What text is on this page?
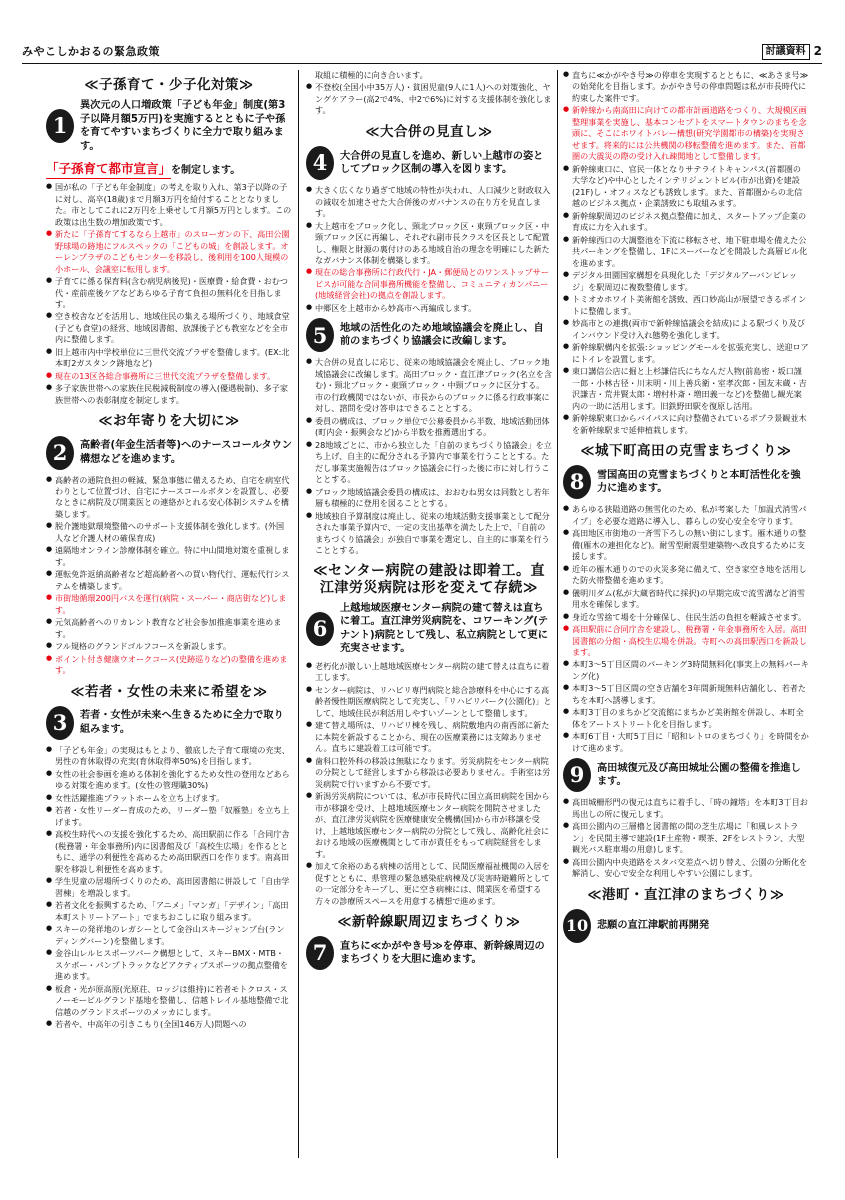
みやこしかおるの緊急政策	討議資料 2
≪子孫育て・少子化対策≫
1
異次元の人口増政策「子ども年金」制度(第3子以降月額5万円)を実施するとともに子や孫を育てやすいまちづくりに全力で取り組みます。
「子孫育て都市宣言」を制定します。
● 国が私の「子ども年金制度」の考えを取り入れ、第3子以降の子に対し、高卒(18歳)まで月額3万円を給付することとなりました。市としてこれに2万円を上乗せして月額5万円とします。この政策は出生数の増加政策です。
● 新たに「子孫育てするなら上越市」のスローガンの下、高田公園野球場の跡地にフルスペックの「こどもの城」を創設します。オーレンプラザのこどもセンターを移設し、後利用を100人規模の小ホール、会議室に転用します。
● 子育てに係る保育料(含む病児病後児)・医療費・給食費・おむつ代・産前産後ケアなどあらゆる子育て負担の無料化を目指します。
● 空き校舎などを活用し、地域住民の集える場所づくり、地域食堂(子ども食堂)の経営、地域図書館、放課後子ども教室などを全市内に整備します。
● 旧上越市内中学校単位に三世代交流プラザを整備します。(EX:北本町2ガスタンク跡地など)
● 現在の13区各総合事務所に三世代交流プラザを整備します。
● 多子家族世帯への家族住民税減税制度の導入(優遇税制)、多子家族世帯への表彰制度を制定します。
≪お年寄りを大切に≫
2	高齢者(年金生活者等)へのナースコールタウン構想などを進めます。
● 高齢者の通院負担の軽減、緊急事態に備えるため、自宅を病室代わりとして位置づけ、自宅にナースコールボタンを設置し、必要なときに病院及び開業医との連絡がとれる安心体制システムを構築します。
● 脱介護地獄環境整備へのサポート支援体制を強化します。(外国人など介護人材の確保育成)
● 遠隔地オンライン診療体制を確立。特に中山間地対策を重視します。
● 運転免許返納高齢者など超高齢者への買い物代行、運転代行システムを構築します。
● 市街地循環200円バスを運行(病院・スーパー・商店街など)します。
● 元気高齢者へのリカレント教育など社会参加推進事業を進めます。
● フル規格のグランドゴルフコースを新設します。
● ポイント付き健康ウオークコース(史跡巡りなど)の整備を進めます。
≪若者・女性の未来に希望を≫
3	若者・女性が未来へ生きるために全力で取り組みます。
● 「子ども年金」の実現はもとより、徹底した子育て環境の充実、男性の育休取得の充実(育休取得率50%)を目指します。
● 女性の社会参画を進める体制を強化するため女性の登用などあらゆる対策を進めます。(女性の管理職30%)
● 女性活躍推進プラットホームを立ち上げます。
● 若者・女性リーダー育成のため、リーダー塾「奴雁塾」を立ち上げます。
● 高校生時代への支援を強化するため、高田駅前に作る「合同庁舎(税務署・年金事務所)内に図書館及び「高校生広場」を作るとともに、通学の利便性を高めるため高田駅西口を作ります。南高田駅を移設し利便性を高めます。
● 学生児童の居場所づくりのため、高田図書館に併設して「自由学習棟」を増設します。
● 若者文化を振興するため、「アニメ」「マンガ」「デザイン」「高田本町ストリートアート」でまちおこしに取り組みます。
● スキーの発祥地のレガシーとして金谷山スキージャンプ台(ランディングバーン)を整備します。
● 金谷山レルヒスポーツパーク構想として、スキーBMX・MTB・スケボー・パンプトラックなどアクティブスポーツの拠点整備を進めます。
● 板倉・光が原高原(光原荘、ロッジは維持)に若者モトクロス・スノーモービルグランド基地を整備し、信越トレイル基地整備で北信越のグランドスポーツのメッカにします。
● 若者や、中高年の引きこもり(全国146万人)問題への
取組に積極的に向き合います。
● 不登校(全国小中35万人)・貧困児童(9人に1人)への対策強化、ヤングケアラー(高2で4%、中2で6%)に対する支援体制を強化します。
≪大合併の見直し≫
4	大合併の見直しを進め、新しい上越市の姿としてブロック区制の導入を図ります。
● 大きく広くなり過ぎて地域の特性が失われ、人口減少と財政収入の減収を加速させた大合併後のガバナンスの在り方を見直します。
● 大上越市をブロック化し、頸北ブロック区・東頸ブロック区・中頸ブロック区に再編し、それぞれ副市長クラスを区長として配置し、権限と財源の裏付けのある地域自治の理念を明確にした新たなガバナンス体制を構築します。
● 現在の総合事務所に行政代行・JA・郵便局とのワンストップサービスが可能な合同事務所機能を整備し、コミュニティカンパニー(地域経営会社)の拠点を創設します。
● 中郷区を上越市から妙高市へ再編成します。
5	地域の活性化のため地域協議会を廃止し、自前のまちづくり協議会に改編します。
● 大合併の見直しに応じ、従来の地域協議会を廃止し、ブロック地域協議会に改編します。高田ブロック・直江津ブロック(名立を含む)・頸北ブロック・東頸ブロック・中頸ブロックに区分する。市の行政機関ではないが、市長からのブロックに係る行政事案に対し、諮問を受け答申はできることとする。
● 委員の構成は、ブロック単位で公募委員から半数、地域活動団体(町内会・振興会など)から半数を推薦選出する。
● 28地域ごとに、市から独立した「自前のまちづくり協議会」を立ち上げ、自主的に配分される予算内で事業を行うこととする。ただし事業実施報告はブロック協議会に行った後に市に対し行うこととする。
● ブロック地域協議会委員の構成は、おおむね男女は同数とし若年層も積極的に登用を図ることとする。
● 地域独自予算制度は廃止し、従来の地域活動支援事業として配分された事業予算内で、一定の支出基準を満たした上で、「自前のまちづくり協議会」が独自で事業を選定し、自主的に事業を行うこととする。
≪センター病院の建設は即着工。直江津労災病院は形を変えて存続≫
6
上越地域医療センター病院の建て替えは直ちに着工。直江津労災病院を、コワーキング(テナント)病院として残し、私立病院として更に充実させます。
● 老朽化が激しい上越地域医療センター病院の建て替えは直ちに着工します。
● センター病院は、リハビリ専門病院と総合診療科を中心にする高齢者慢性期医療病院として充実し、「リハビリパーク(公園化)」として、地域住民が利活用しやすいゾーンとして整備します。
● 建て替え場所は、リハビリ棟を残し、病院敷地内の南西部に新たに本院を新設することから、現在の医療業務には支障ありません。直ちに建設着工は可能です。
● 歯科口腔外科の移設は無駄になります。労災病院をセンター病院の分院として経営しますから移設は必要ありません。手術室は労災病院で行いますから不要です。
● 新潟労災病院については、私が市長時代に国立高田病院を国から市が移譲を受け、上越地域医療センター病院を開院させましたが、直江津労災病院を医療健康安全機構(国)から市が移譲を受け、上越地域医療センター病院の分院として残し、高齢化社会における地域の医療機関として市が責任をもって病院経営をします。
● 加えて余裕のある病棟の活用として、民間医療福祉機関の入居を促すとともに、県管理の緊急感染症病棟及び災害時避難所としての一定部分をキープし、更に空き病棟には、開業医を希望する方々の診療所スペースを用意する構想で進めます。
≪新幹線駅周辺まちづくり≫
7	直ちに≪かがやき号≫を停車、新幹線周辺のまちづくりを大胆に進めます。
● 直ちに≪かがやき号≫の停車を実現するとともに、≪あさま号≫の始発化を目指します。かがやき号の停車問題は私が市長時代に約束した案件です。
● 新幹線から南高田に向けての都市計画道路をつくり、大規模区画整理事業を実施し、基本コンセプトをスマートタウンのまちを念頭に、そこにホワイトバレー構想(研究学園都市の構築)を実現させます。将来的には公共機関の移転整備を進めます。また、首都圏の大震災の際の受け入れ疎開地として整備します。
● 新幹線東口に、官民一体となりサテライトキャンパス(首都圏の大学など)や中心としたインテリジェントビル(市が出資)を建設(21F)し・オフィスなども誘致します。また、首都圏からの北信越のビジネス拠点・企業誘致にも取組みます。
● 新幹線駅周辺のビジネス拠点整備に加え、スタートアップ企業の育成に力を入れます。
● 新幹線西口の大調整池を下流に移転させ、地下駐車場を備えた公共パーキングを整備し、1Fにスーパーなどを開設した高層ビル化を進めます。
● デジタル田園国家構想を具現化した「デジタルアーバンビレッジ」を駅周辺に複数整備します。
● トミオカホワイト美術館を誘致、西口妙高山が展望できるポイントに整備します。
● 妙高市との連携(両市で新幹線協議会を結成)による駅づくり及びインバウンド受け入れ態勢を強化します。
● 新幹線駅構内を拡張:ショッピングモールを拡張充実し、送迎ロアにトイレを設置します。
● 東口講信公店に掘と上杉謙信氏にちなんだ人物(前島密・坂口謹一郎・小林古径・川末明・川上善兵衛・室孝次郎・国友末蔵・吉沢謙吉・荒井賢太郎・増村朴斎・増田義一など)を整備し観光案内の一助に活用します。旧鉄野田駅を復原し活用。
● 新幹線駅東口からバイパスに向け整備されているポプラ景観並木を新幹線駅まで延伸植栽します。
≪城下町高田の克雪まちづくり≫
8	雪国高田の克雪まちづくりと本町活性化を強力に進めます。
● あらゆる狭隘道路の無雪化のため、私が考案した「加温式消雪パイプ」を必要な道路に導入し、暮らしの安心安全を守ります。
● 高田地区市街地の一斉雪下ろしの無い街にします。雁木通りの整備(雁木の連担化など)。耐雪型耐震型建築物へ改良するために支援します。
● 近年の雁木通りのでの火災多発に備えて、空き家空き地を活用した防火帯整備を進めます。
● 儀明川ダム(私が大蔵省時代に採択)の早期完成で流雪溝など消雪用水を確保します。
● 身近な雪捨て場を十分確保し、住民生活の負担を軽減させます。
● 高田駅前に合同庁舎を建設し、税務署・年金事務所を入居。高田図書館の分館・高校生広場を併設。寺町への高田駅西口を新設します。
● 本町3〜5丁目区間のパーキング3時間無料化(事実上の無料パーキング化)
● 本町3〜5丁目区間の空き店舗を3年間新規無料店舗化し、若者たちを本町へ誘導します。
● 本町3丁目のまちかど交流館にまちかど美術館を併設し、本町全体をアートストリート化を目指します。
● 本町6丁目・大町5丁目に「昭和レトロのまちづくり」を時間をかけて進めます。
9	高田城復元及び高田城址公園の整備を推進します。
● 高田城柵形門の復元は直ちに着手し、「時の鐘塔」を本町3丁目お馬出しの所に復元します。
● 高田公園内の三層櫓と図書館の間の芝生広場に「和風レストラン」を民間主導で建設(1F土産物・喫茶、2Fをレストラン、大型観光バス駐車場の用意)します。
● 高田公園内中央道路をスタバ交差点へ切り替え、公園の分断化を解消し、安心で安全な利用しやすい公園にします。
≪港町・直江津のまちづくり≫
10 悲願の直江津駅前再開発
